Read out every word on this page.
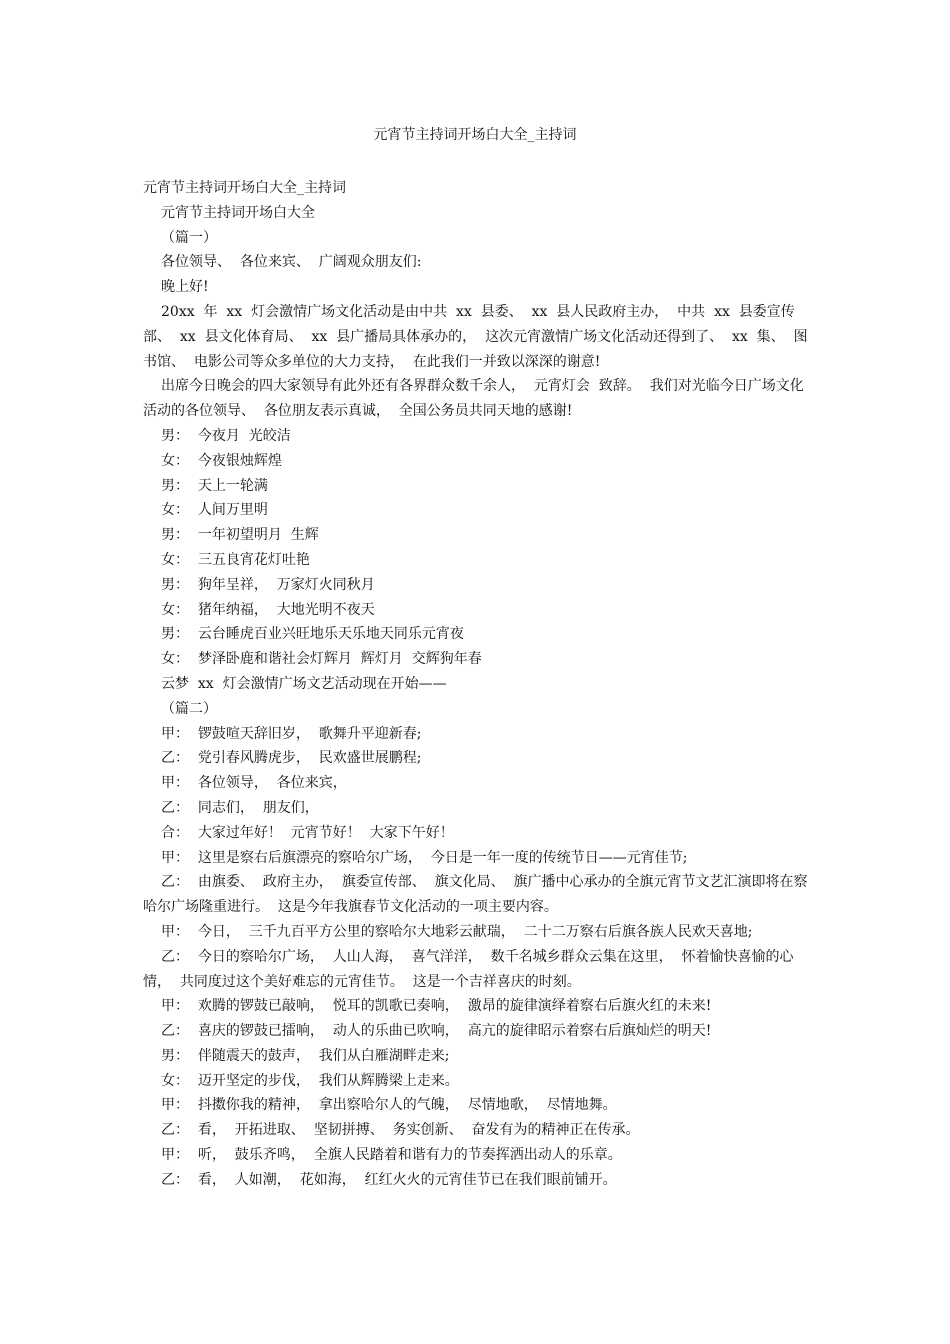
元宵节主持词开场白大全_主持词

元宵节主持词开场白大全_主持词

元宵节主持词开场白大全

（篇一）

各位领导、  各位来宾、  广阔观众朋友们:

晚上好!

20xx  年  xx  灯会激情广场文化活动是由中共  xx  县委、  xx  县人民政府主办，  中共  xx  县委宣传部、  xx  县文化体育局、  xx  县广播局具体承办的，  这次元宵激情广场文化活动还得到了、  xx  集、  图书馆、  电影公司等众多单位的大力支持，  在此我们一并致以深深的谢意!

出席今日晚会的四大家领导有此外还有各界群众数千余人，  元宵灯会  致辞。  我们对光临今日广场文化活动的各位领导、  各位朋友表示真诚，  全国公务员共同天地的感谢!

男：  今夜月  光皎洁

女：  今夜银烛辉煌

男：  天上一轮满

女：  人间万里明

男：  一年初望明月  生辉

女：  三五良宵花灯吐艳

男：  狗年呈祥，  万家灯火同秋月

女：  猪年纳福，  大地光明不夜天

男：  云台睡虎百业兴旺地乐天乐地天同乐元宵夜

女：  梦泽卧鹿和谐社会灯辉月  辉灯月  交辉狗年春

云梦  xx  灯会激情广场文艺活动现在开始——

（篇二）

甲：  锣鼓喧天辞旧岁，  歌舞升平迎新春;

乙：  党引春风腾虎步，  民欢盛世展鹏程;

甲：  各位领导，  各位来宾，

乙：  同志们，  朋友们，

合：  大家过年好！  元宵节好！  大家下午好！

甲：  这里是察右后旗漂亮的察哈尔广场，  今日是一年一度的传统节日——元宵佳节;

乙：  由旗委、  政府主办，  旗委宣传部、  旗文化局、  旗广播中心承办的全旗元宵节文艺汇演即将在察哈尔广场隆重进行。  这是今年我旗春节文化活动的一项主要内容。

甲：  今日，  三千九百平方公里的察哈尔大地彩云献瑞，  二十二万察右后旗各族人民欢天喜地;

乙：  今日的察哈尔广场，  人山人海，  喜气洋洋，  数千名城乡群众云集在这里，  怀着愉快喜愉的心情，  共同度过这个美好难忘的元宵佳节。  这是一个吉祥喜庆的时刻。

甲：  欢腾的锣鼓已敲响，  悦耳的凯歌已奏响，  激昂的旋律演绎着察右后旗火红的未来!

乙：  喜庆的锣鼓已擂响，  动人的乐曲已吹响，  高亢的旋律昭示着察右后旗灿烂的明天!

男：  伴随震天的鼓声，  我们从白雁湖畔走来;

女：  迈开坚定的步伐，  我们从辉腾梁上走来。

甲：  抖擞你我的精神，  拿出察哈尔人的气魄，  尽情地歌，  尽情地舞。

乙：  看，  开拓进取、  坚韧拼搏、  务实创新、  奋发有为的精神正在传承。

甲：  听，  鼓乐齐鸣，  全旗人民踏着和谐有力的节奏挥洒出动人的乐章。

乙：  看，  人如潮，  花如海，  红红火火的元宵佳节已在我们眼前铺开。
